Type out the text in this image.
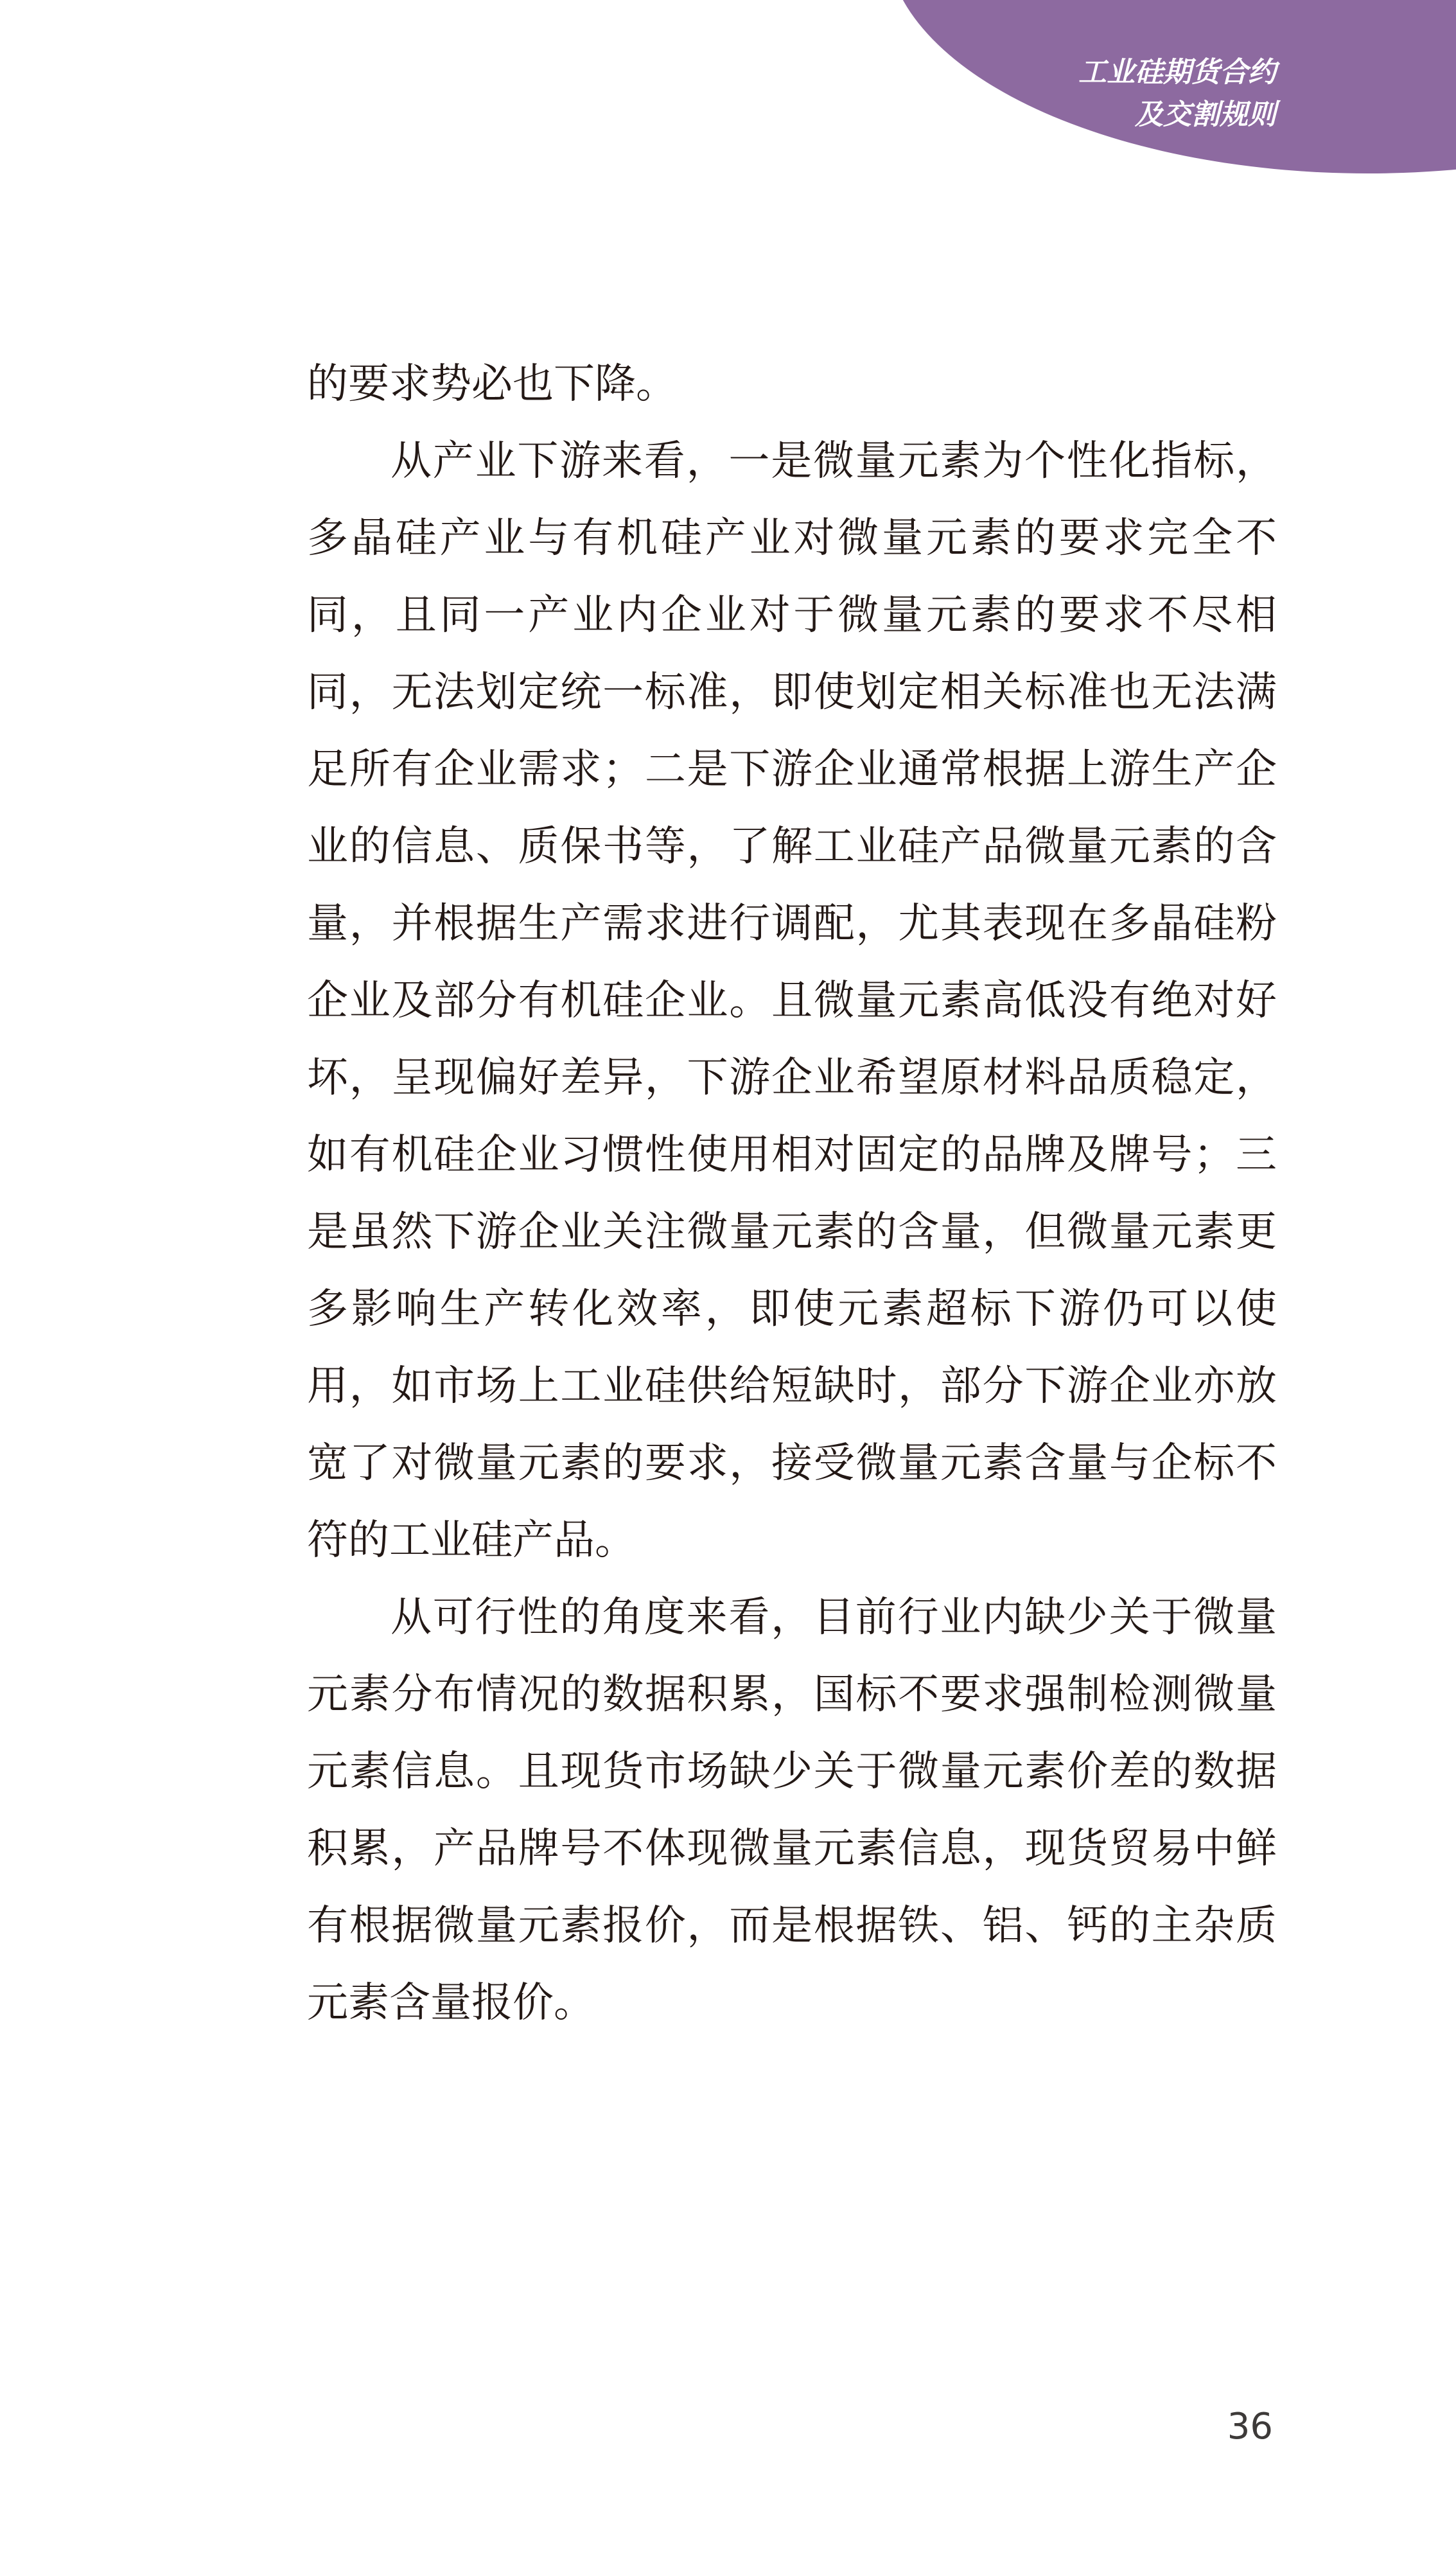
工业硅期货合约
及交割规则

的要求势必也下降。

从产业下游来看，一是微量元素为个性化指标，多晶硅产业与有机硅产业对微量元素的要求完全不同，且同一产业内企业对于微量元素的要求不尽相同，无法划定统一标准，即使划定相关标准也无法满足所有企业需求；二是下游企业通常根据上游生产企业的信息、质保书等，了解工业硅产品微量元素的含量，并根据生产需求进行调配，尤其表现在多晶硅粉企业及部分有机硅企业。且微量元素高低没有绝对好坏，呈现偏好差异，下游企业希望原材料品质稳定，如有机硅企业习惯性使用相对固定的品牌及牌号；三是虽然下游企业关注微量元素的含量，但微量元素更多影响生产转化效率，即使元素超标下游仍可以使用，如市场上工业硅供给短缺时，部分下游企业亦放宽了对微量元素的要求，接受微量元素含量与企标不符的工业硅产品。

从可行性的角度来看，目前行业内缺少关于微量元素分布情况的数据积累，国标不要求强制检测微量元素信息。且现货市场缺少关于微量元素价差的数据积累，产品牌号不体现微量元素信息，现货贸易中鲜有根据微量元素报价，而是根据铁、铝、钙的主杂质元素含量报价。

36
